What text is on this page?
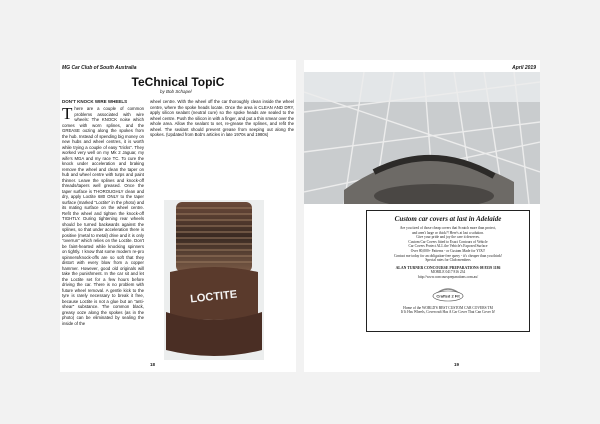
MG Car Club of South Australia
TeChnical TopiC
by Bob Schapel
DON'T KNOCK WIRE WHEELS
T here are a couple of common problems associated with wire wheels: The KNOCK noise which comes with worn splines, and the GREASE oozing along the spokes from the hub. Instead of spending big money on new hubs and wheel centres, it is worth while trying a couple of easy "tricks". They worked very well on my Mk 2 Jaguar, my wife's MGA and my race TC. To cure the knock under acceleration and braking remove the wheel and clean the taper on hub and wheel centre with turps and paint thinner. Leave the splines and knock-off threads/tapers well greased. Once the taper surface is THOROUGHLY clean and dry, apply Loctite 680 ONLY to the taper surface (marked "Loctite" in the photo) and its mating surface on the wheel centre. Refit the wheel and tighten the knock-off TIGHTLY. During tightening rear wheels should be turned backwards against the splines, so that under acceleration there is positive (metal to metal) drive and it is only "overrun" which relies on the Loctite. Don't be faint-hearted while knocking spinners on tightly. I know that some modern re-pro spinners/knock-offs are so soft that they distort with every blow from a copper hammer. However, good old originals will take the punishment. In the car sit and let the Loctite set for a few hours before driving the car. There is no problem with future wheel removal. A gentle kick to the tyre is rarely necessary to break it free, because Loctite is not a glue but an "anti-shear" substance. The common black, greasy ooze along the spokes (as in the photo) can be eliminated by sealing the inside of the
wheel centre. With the wheel off the car thoroughly clean inside the wheel centre, where the spoke heads locate. Once the area is CLEAN AND DRY, apply silicon sealant (neutral cure) so the spoke heads are sealed to the wheel centre. Push the silicon in with a finger, and put a thin smear over the whole area. Allow the sealant to set, re-grease the splines, and refit the wheel. The sealant should prevent grease from seeping out along the spokes. (Updated from Bob's articles in late 1970s and 1980s)
LOCTITE
18
April 2019
Custom car covers at last in Adelaide
Are you tired of those cheap covers that Scratch more than protect,
and aren't large or thick?! Here's at last a solution.
Give your pride and joy the care it deserves.
Custom Car Covers fitted to Exact Contours of Vehicle
Car Covers Protect ALL the Vehicle's Exposed Surface
Over 80,000+ Patterns - or Custom Made for YOU!
Contact me today for an obligation-free query - it's cheaper than you think!
Special rates for Club members
ALAN TURNER CONCOURSE PREPARATIONS 08 8359 1186
MOBILE 0417 816 234
http://www.concourspreparations.com.au/
Crafted 2 Fit
Home of the WORLD'S BEST CUSTOM CAR COVERS TM
If It Has Wheels, Covercraft Has A Car Cover That Can Cover It!
19
